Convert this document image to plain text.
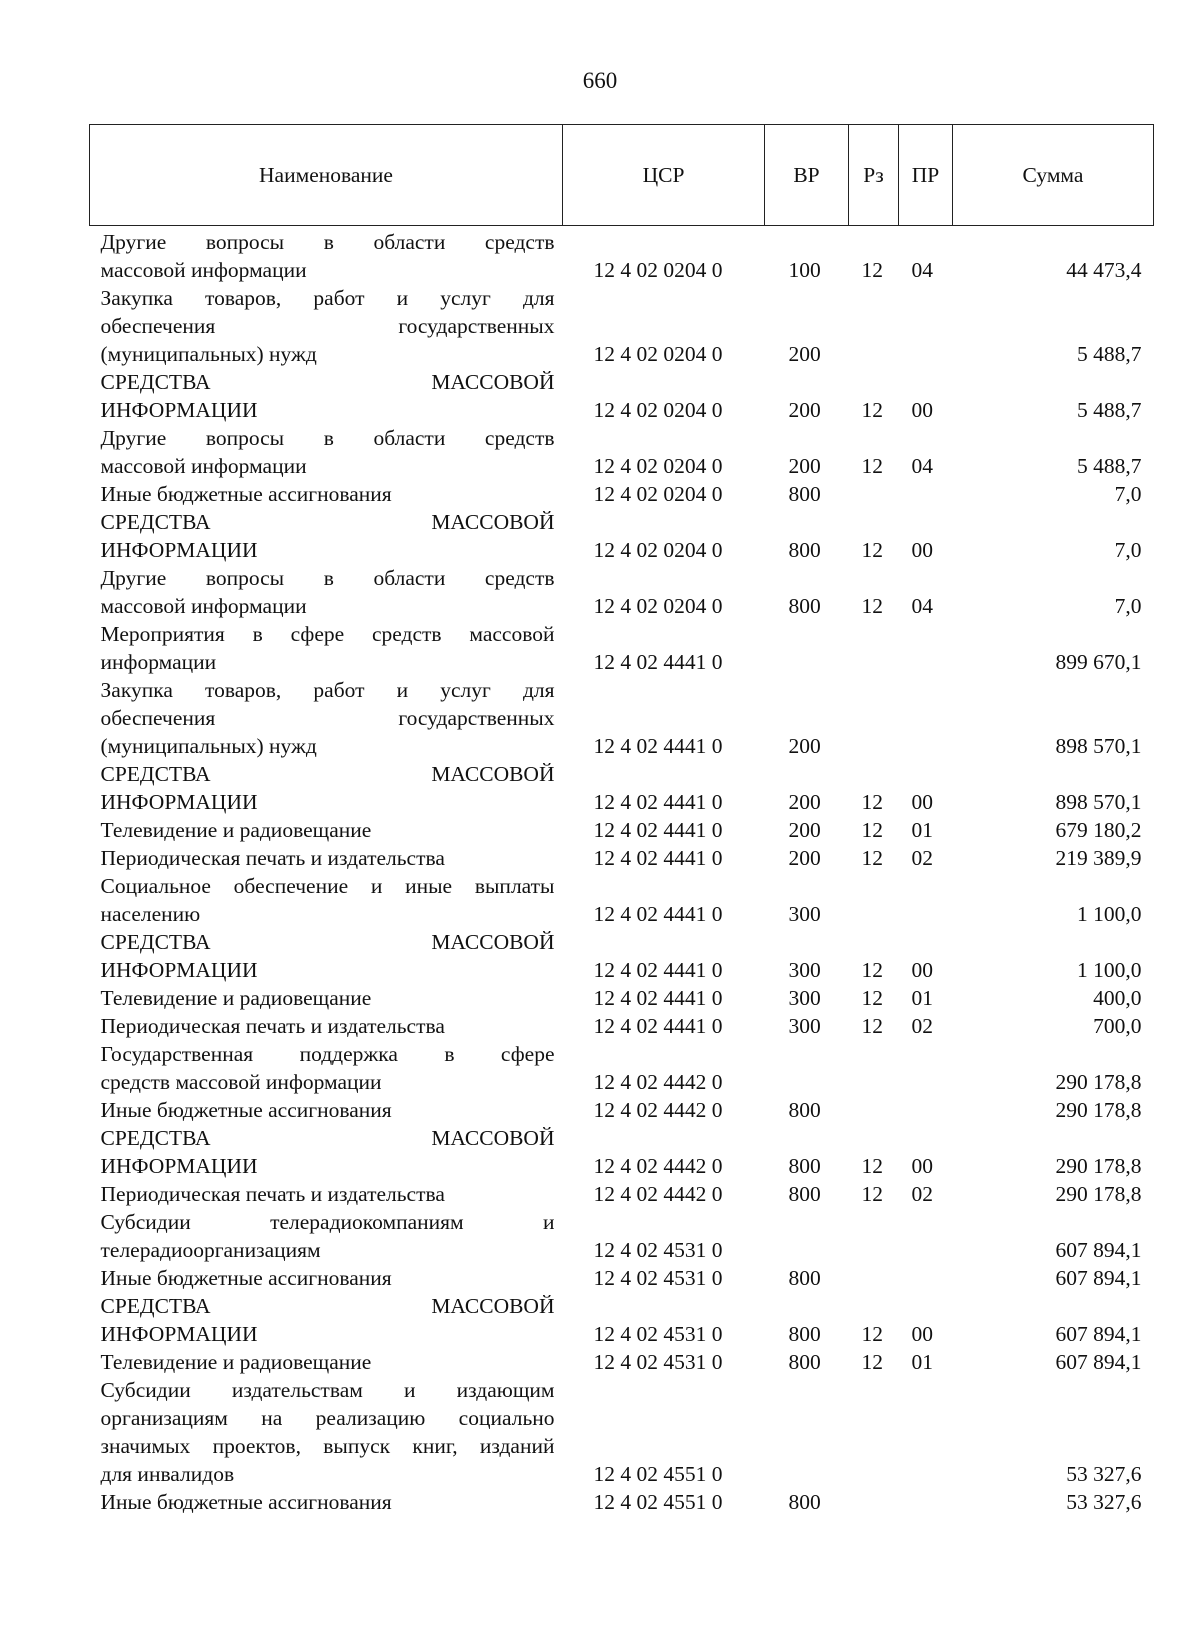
660
Наименование	ЦСР	ВР	Рз	ПР	Сумма

Другие вопросы в области средств
массовой информации	12 4 02 0204 0	100	12	04	44 473,4

Закупка товаров, работ и услуг для
обеспечения государственных
(муниципальных) нужд	12 4 02 0204 0	200			5 488,7

СРЕДСТВА МАССОВОЙ
ИНФОРМАЦИИ	12 4 02 0204 0	200	12	00	5 488,7

Другие вопросы в области средств
массовой информации	12 4 02 0204 0	200	12	04	5 488,7

Иные бюджетные ассигнования	12 4 02 0204 0	800			7,0

СРЕДСТВА МАССОВОЙ
ИНФОРМАЦИИ	12 4 02 0204 0	800	12	00	7,0

Другие вопросы в области средств
массовой информации	12 4 02 0204 0	800	12	04	7,0

Мероприятия в сфере средств массовой
информации	12 4 02 4441 0				899 670,1

Закупка товаров, работ и услуг для
обеспечения государственных
(муниципальных) нужд	12 4 02 4441 0	200			898 570,1

СРЕДСТВА МАССОВОЙ
ИНФОРМАЦИИ	12 4 02 4441 0	200	12	00	898 570,1

Телевидение и радиовещание	12 4 02 4441 0	200	12	01	679 180,2

Периодическая печать и издательства	12 4 02 4441 0	200	12	02	219 389,9

Социальное обеспечение и иные выплаты
населению	12 4 02 4441 0	300			1 100,0

СРЕДСТВА МАССОВОЙ
ИНФОРМАЦИИ	12 4 02 4441 0	300	12	00	1 100,0

Телевидение и радиовещание	12 4 02 4441 0	300	12	01	400,0

Периодическая печать и издательства	12 4 02 4441 0	300	12	02	700,0

Государственная поддержка в сфере
средств массовой информации	12 4 02 4442 0				290 178,8

Иные бюджетные ассигнования	12 4 02 4442 0	800			290 178,8

СРЕДСТВА МАССОВОЙ
ИНФОРМАЦИИ	12 4 02 4442 0	800	12	00	290 178,8

Периодическая печать и издательства	12 4 02 4442 0	800	12	02	290 178,8

Субсидии телерадиокомпаниям и
телерадиоорганизациям	12 4 02 4531 0				607 894,1

Иные бюджетные ассигнования	12 4 02 4531 0	800			607 894,1

СРЕДСТВА МАССОВОЙ
ИНФОРМАЦИИ	12 4 02 4531 0	800	12	00	607 894,1

Телевидение и радиовещание	12 4 02 4531 0	800	12	01	607 894,1

Субсидии издательствам и издающим
организациям на реализацию социально
значимых проектов, выпуск книг, изданий
для инвалидов	12 4 02 4551 0				53 327,6

Иные бюджетные ассигнования	12 4 02 4551 0	800			53 327,6
